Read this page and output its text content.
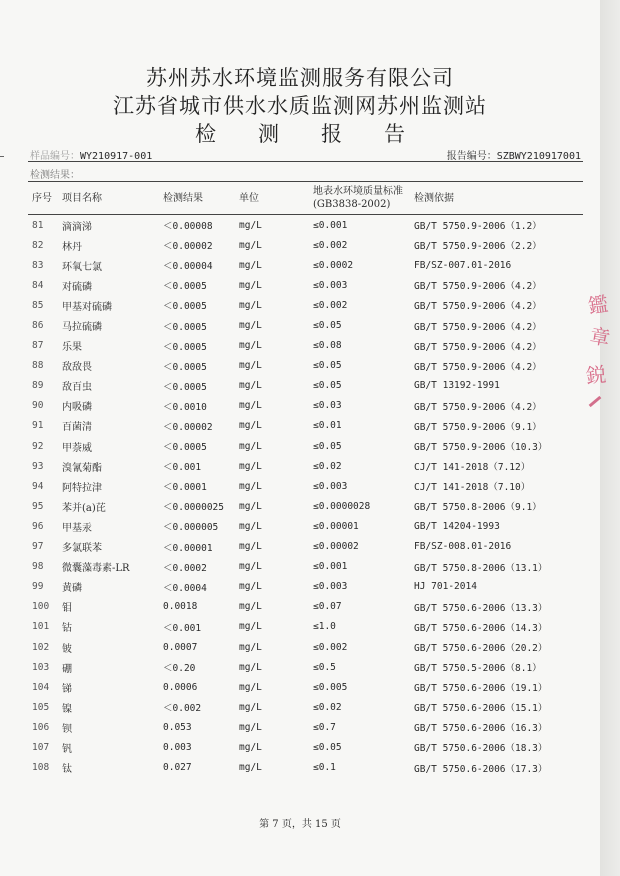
苏州苏水环境监测服务有限公司
江苏省城市供水水质监测网苏州监测站
检 测 报 告
样品编号：WY210917-001	报告编号：SZBWY210917001
检测结果：
序号	项目名称	检测结果	单位	地表水环境质量标准(GB3838-2002)	检测依据
81	滴滴涕	＜0.00008	mg/L	≤0.001	GB/T 5750.9-2006（1.2）
82	林丹	＜0.00002	mg/L	≤0.002	GB/T 5750.9-2006（2.2）
83	环氧七氯	＜0.00004	mg/L	≤0.0002	FB/SZ-007.01-2016
84	对硫磷	＜0.0005	mg/L	≤0.003	GB/T 5750.9-2006（4.2）
85	甲基对硫磷	＜0.0005	mg/L	≤0.002	GB/T 5750.9-2006（4.2）
86	马拉硫磷	＜0.0005	mg/L	≤0.05	GB/T 5750.9-2006（4.2）
87	乐果	＜0.0005	mg/L	≤0.08	GB/T 5750.9-2006（4.2）
88	敌敌畏	＜0.0005	mg/L	≤0.05	GB/T 5750.9-2006（4.2）
89	敌百虫	＜0.0005	mg/L	≤0.05	GB/T 13192-1991
90	内吸磷	＜0.0010	mg/L	≤0.03	GB/T 5750.9-2006（4.2）
91	百菌清	＜0.00002	mg/L	≤0.01	GB/T 5750.9-2006（9.1）
92	甲萘威	＜0.0005	mg/L	≤0.05	GB/T 5750.9-2006（10.3）
93	溴氰菊酯	＜0.001	mg/L	≤0.02	CJ/T 141-2018（7.12）
94	阿特拉津	＜0.0001	mg/L	≤0.003	CJ/T 141-2018（7.10）
95	苯并(a)芘	＜0.0000025	mg/L	≤0.0000028	GB/T 5750.8-2006（9.1）
96	甲基汞	＜0.000005	mg/L	≤0.00001	GB/T 14204-1993
97	多氯联苯	＜0.00001	mg/L	≤0.00002	FB/SZ-008.01-2016
98	微囊藻毒素-LR	＜0.0002	mg/L	≤0.001	GB/T 5750.8-2006（13.1）
99	黄磷	＜0.0004	mg/L	≤0.003	HJ 701-2014
100	钼	0.0018	mg/L	≤0.07	GB/T 5750.6-2006（13.3）
101	钴	＜0.001	mg/L	≤1.0	GB/T 5750.6-2006（14.3）
102	铍	0.0007	mg/L	≤0.002	GB/T 5750.6-2006（20.2）
103	硼	＜0.20	mg/L	≤0.5	GB/T 5750.5-2006（8.1）
104	锑	0.0006	mg/L	≤0.005	GB/T 5750.6-2006（19.1）
105	镍	＜0.002	mg/L	≤0.02	GB/T 5750.6-2006（15.1）
106	钡	0.053	mg/L	≤0.7	GB/T 5750.6-2006（16.3）
107	钒	0.003	mg/L	≤0.05	GB/T 5750.6-2006（18.3）
108	钛	0.027	mg/L	≤0.1	GB/T 5750.6-2006（17.3）
第 7 页，共 15 页
鑑
章
鋭
